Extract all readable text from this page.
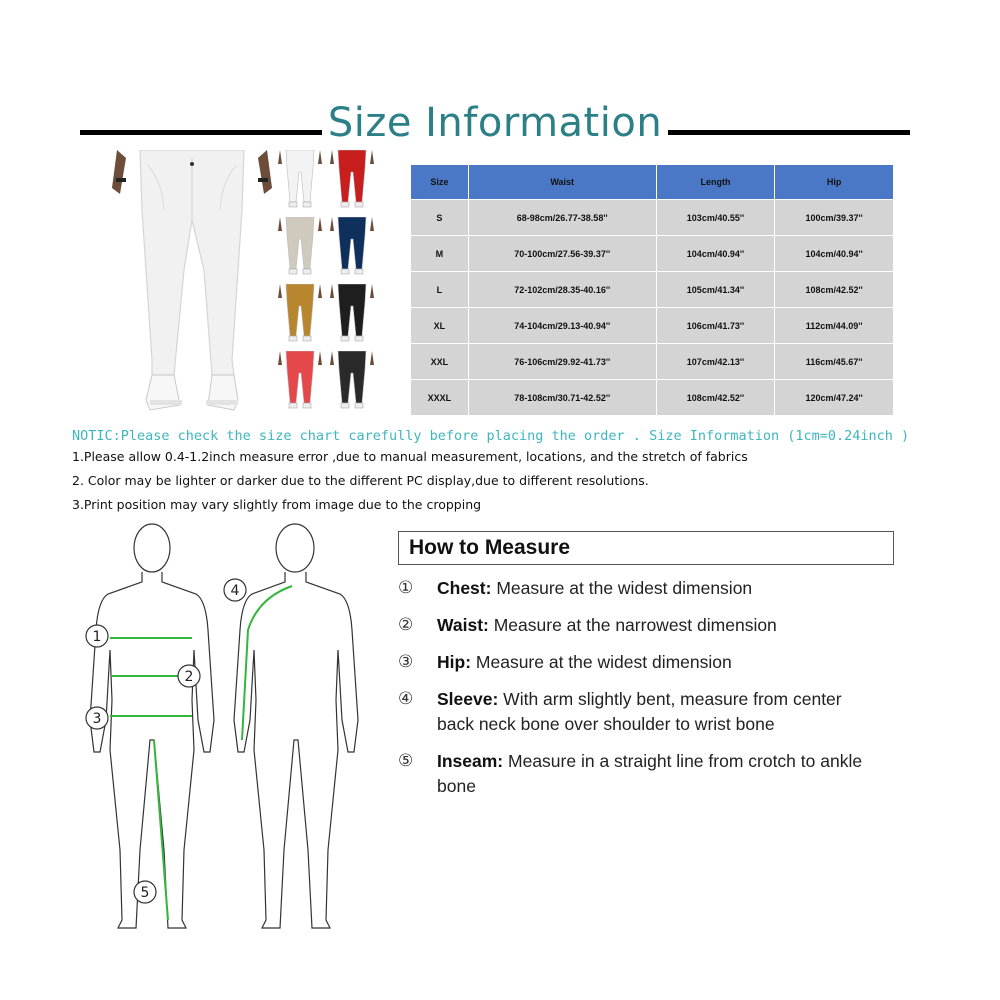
Size Information
Size	Waist	Length	Hip
S	68-98cm/26.77-38.58''	103cm/40.55''	100cm/39.37''
M	70-100cm/27.56-39.37''	104cm/40.94''	104cm/40.94''
L	72-102cm/28.35-40.16''	105cm/41.34''	108cm/42.52''
XL	74-104cm/29.13-40.94''	106cm/41.73''	112cm/44.09''
XXL	76-106cm/29.92-41.73''	107cm/42.13''	116cm/45.67''
XXXL	78-108cm/30.71-42.52''	108cm/42.52''	120cm/47.24''
NOTIC:Please check the size chart carefully before placing the order . Size Information (1cm=0.24inch )
1.Please allow 0.4-1.2inch measure error ,due to manual measurement, locations, and the stretch of fabrics
2. Color may be lighter or darker due to the different PC display,due to different resolutions.
3.Print position may vary slightly from image due to the cropping
1
2
3
4
5
How to Measure
①	Chest: Measure at the widest dimension
②	Waist: Measure at the narrowest dimension
③	Hip: Measure at the widest dimension
④	Sleeve: With arm slightly bent, measure from center back neck bone over shoulder to wrist bone
⑤	Inseam: Measure in a straight line from crotch to ankle bone
